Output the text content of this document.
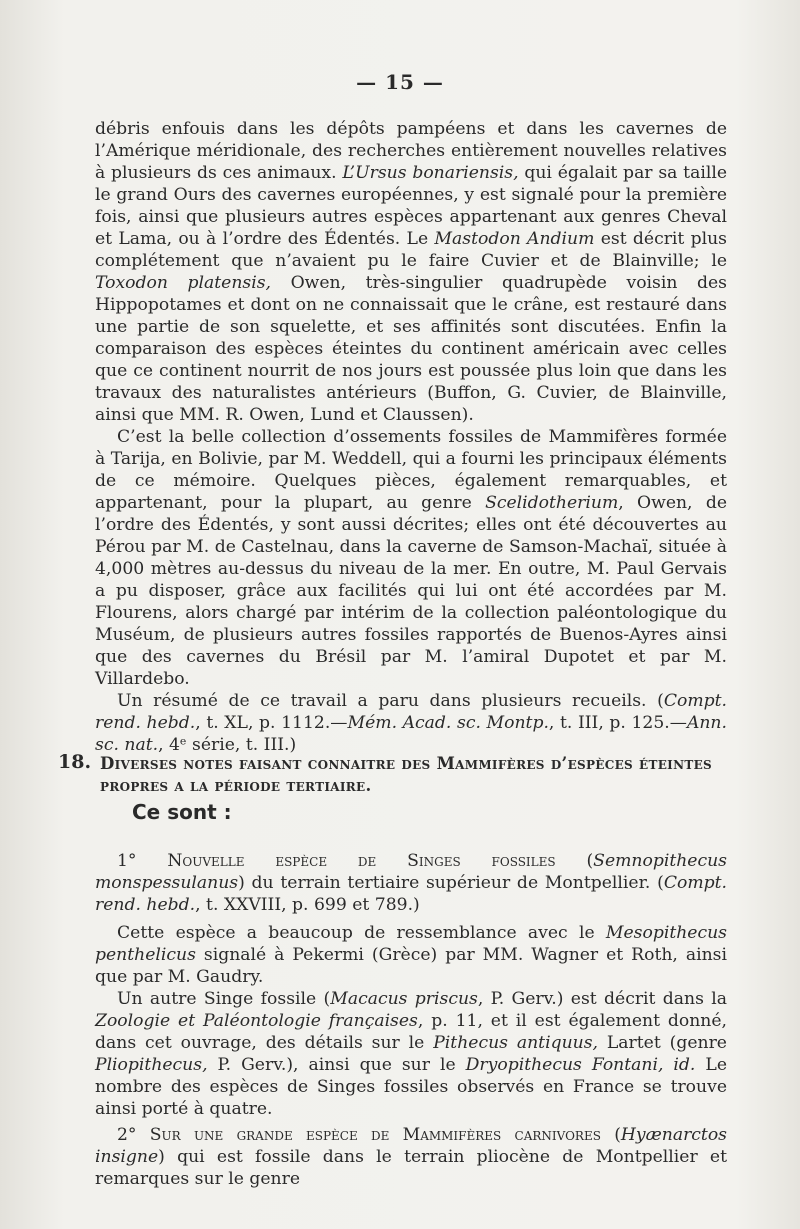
— 15 —

débris enfouis dans les dépôts pampéens et dans les cavernes de l’Amérique méridionale, des recherches entièrement nouvelles relatives à plusieurs ds ces animaux. L’Ursus bonariensis, qui égalait par sa taille le grand Ours des cavernes européennes, y est signalé pour la première fois, ainsi que plusieurs autres espèces appartenant aux genres Cheval et Lama, ou à l’ordre des Édentés. Le Mastodon Andium est décrit plus complétement que n’avaient pu le faire Cuvier et de Blainville; le Toxodon platensis, Owen, très-singulier quadrupède voisin des Hippopotames et dont on ne connaissait que le crâne, est restauré dans une partie de son squelette, et ses affinités sont discutées. Enfin la comparaison des espèces éteintes du continent américain avec celles que ce continent nourrit de nos jours est poussée plus loin que dans les travaux des naturalistes antérieurs (Buffon, G. Cuvier, de Blainville, ainsi que MM. R. Owen, Lund et Claussen).

C’est la belle collection d’ossements fossiles de Mammifères formée à Tarija, en Bolivie, par M. Weddell, qui a fourni les principaux éléments de ce mémoire. Quelques pièces, également remarquables, et appartenant, pour la plupart, au genre Scelidotherium, Owen, de l’ordre des Édentés, y sont aussi décrites; elles ont été découvertes au Pérou par M. de Castelnau, dans la caverne de Samson-Machaï, située à 4,000 mètres au-dessus du niveau de la mer. En outre, M. Paul Gervais a pu disposer, grâce aux facilités qui lui ont été accordées par M. Flourens, alors chargé par intérim de la collection paléontologique du Muséum, de plusieurs autres fossiles rapportés de Buenos-Ayres ainsi que des cavernes du Brésil par M. l’amiral Dupotet et par M. Villardebo.

Un résumé de ce travail a paru dans plusieurs recueils. (Compt. rend. hebd., t. XL, p. 1112.—Mém. Acad. sc. Montp., t. III, p. 125.—Ann. sc. nat., 4ᵉ série, t. III.)

18. Diverses notes faisant connaitre des Mammifères d’espèces éteintes propres a la période tertiaire.
Ce sont :

1° Nouvelle espèce de Singes fossiles (Semnopithecus monspessulanus) du terrain tertiaire supérieur de Montpellier. (Compt. rend. hebd., t. XXVIII, p. 699 et 789.)

Cette espèce a beaucoup de ressemblance avec le Mesopithecus penthelicus signalé à Pekermi (Grèce) par MM. Wagner et Roth, ainsi que par M. Gaudry.

Un autre Singe fossile (Macacus priscus, P. Gerv.) est décrit dans la Zoologie et Paléontologie françaises, p. 11, et il est également donné, dans cet ouvrage, des détails sur le Pithecus antiquus, Lartet (genre Pliopithecus, P. Gerv.), ainsi que sur le Dryopithecus Fontani, id. Le nombre des espèces de Singes fossiles observés en France se trouve ainsi porté à quatre.

2° Sur une grande espèce de Mammifères carnivores (Hyænarctos insigne) qui est fossile dans le terrain pliocène de Montpellier et remarques sur le genre
